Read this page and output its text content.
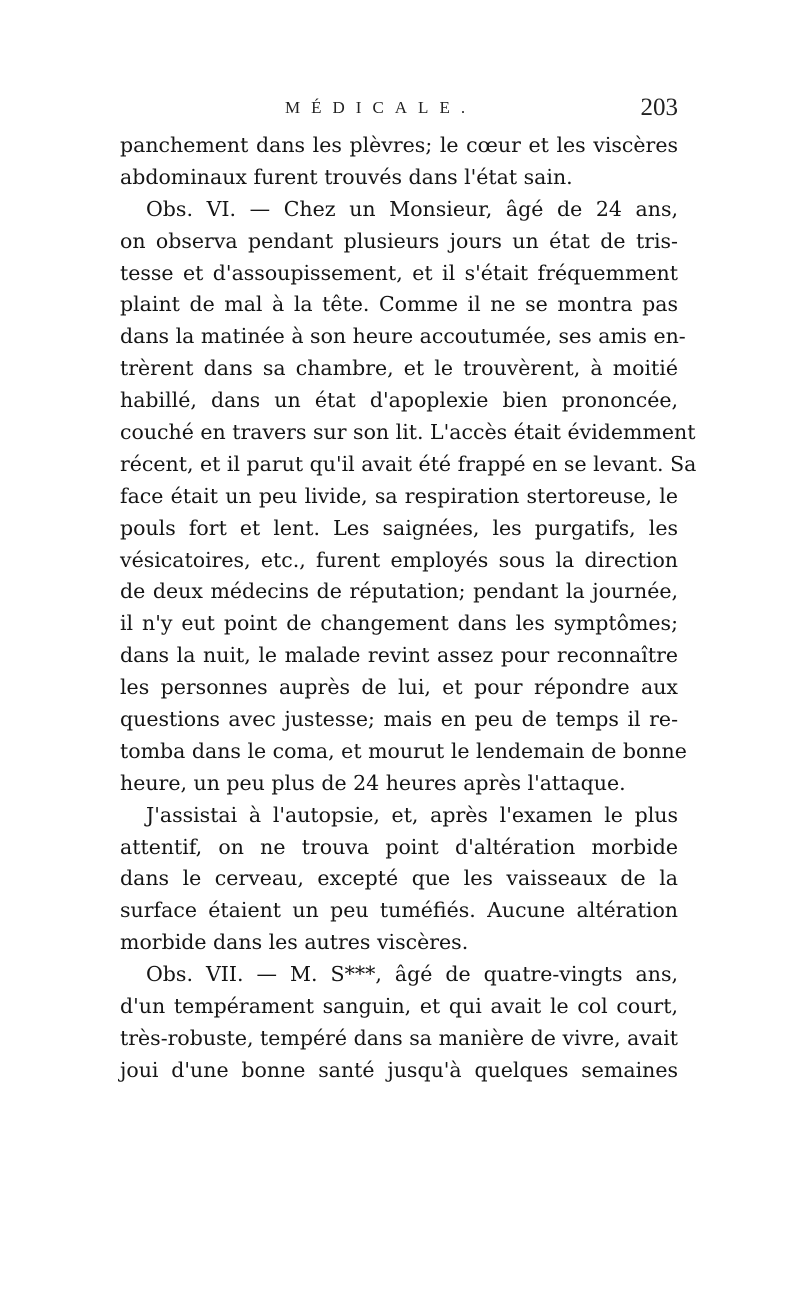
MÉDICALE.	203
panchement dans les plèvres; le cœur et les viscères
abdominaux furent trouvés dans l'état sain.
Obs. VI. — Chez un Monsieur, âgé de 24 ans,
on observa pendant plusieurs jours un état de tris-
tesse et d'assoupissement, et il s'était fréquemment
plaint de mal à la tête. Comme il ne se montra pas
dans la matinée à son heure accoutumée, ses amis en-
trèrent dans sa chambre, et le trouvèrent, à moitié
habillé, dans un état d'apoplexie bien prononcée,
couché en travers sur son lit. L'accès était évidemment
récent, et il parut qu'il avait été frappé en se levant. Sa
face était un peu livide, sa respiration stertoreuse, le
pouls fort et lent. Les saignées, les purgatifs, les
vésicatoires, etc., furent employés sous la direction
de deux médecins de réputation; pendant la journée,
il n'y eut point de changement dans les symptômes;
dans la nuit, le malade revint assez pour reconnaître
les personnes auprès de lui, et pour répondre aux
questions avec justesse; mais en peu de temps il re-
tomba dans le coma, et mourut le lendemain de bonne
heure, un peu plus de 24 heures après l'attaque.
J'assistai à l'autopsie, et, après l'examen le plus
attentif, on ne trouva point d'altération morbide
dans le cerveau, excepté que les vaisseaux de la
surface étaient un peu tuméfiés. Aucune altération
morbide dans les autres viscères.
Obs. VII. — M. S***, âgé de quatre-vingts ans,
d'un tempérament sanguin, et qui avait le col court,
très-robuste, tempéré dans sa manière de vivre, avait
joui d'une bonne santé jusqu'à quelques semaines
